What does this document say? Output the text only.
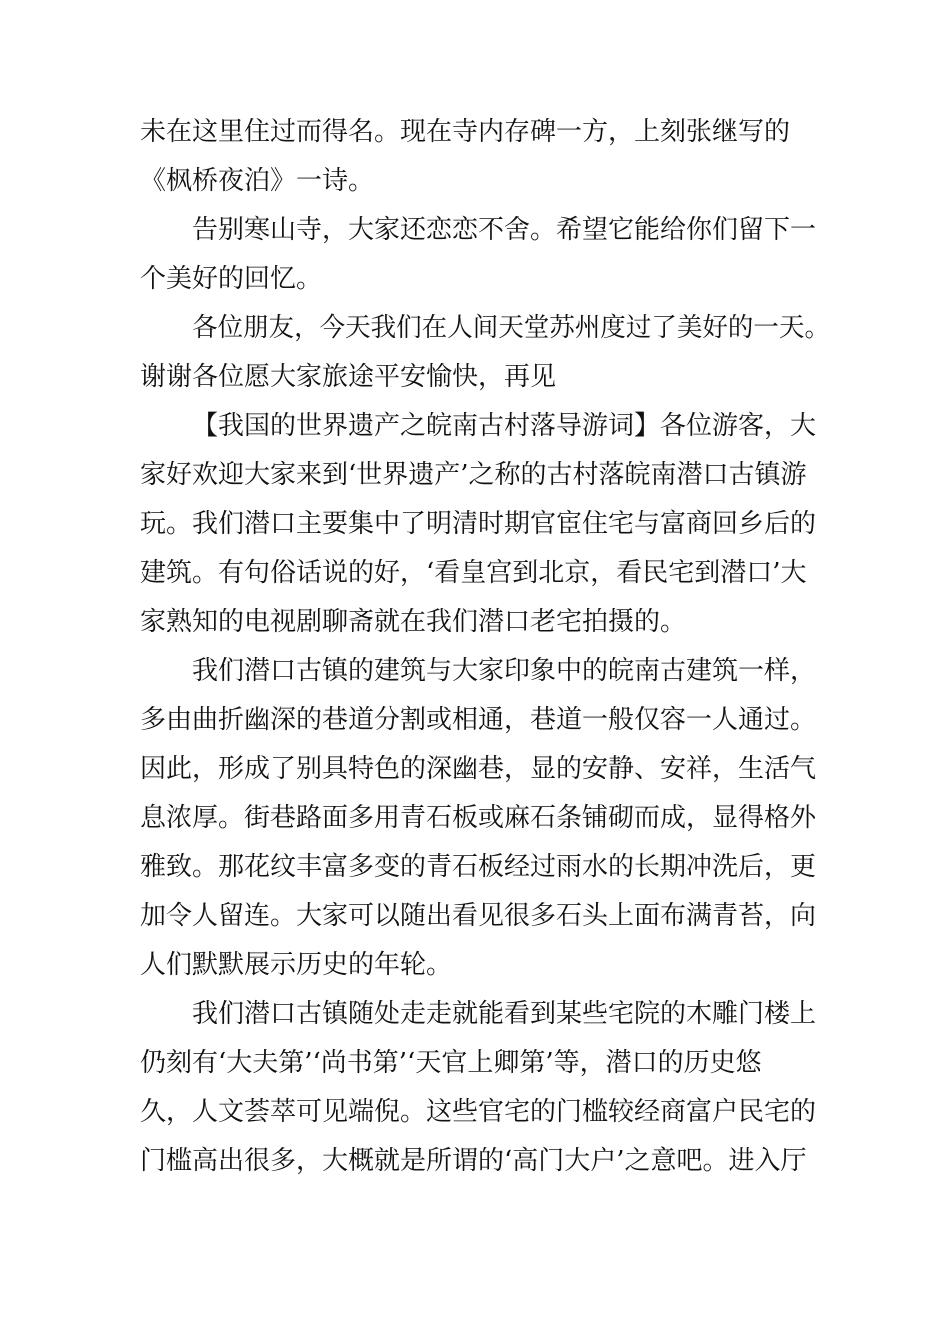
未在这里住过而得名。现在寺内存碑一方，上刻张继写的
《枫桥夜泊》一诗。
告别寒山寺，大家还恋恋不舍。希望它能给你们留下一
个美好的回忆。
各位朋友，今天我们在人间天堂苏州度过了美好的一天。
谢谢各位愿大家旅途平安愉快，再见
【我国的世界遗产之皖南古村落导游词】各位游客，大
家好欢迎大家来到‘世界遗产’之称的古村落皖南潜口古镇游
玩。我们潜口主要集中了明清时期官宦住宅与富商回乡后的
建筑。有句俗话说的好，‘看皇宫到北京，看民宅到潜口’大
家熟知的电视剧聊斋就在我们潜口老宅拍摄的。
我们潜口古镇的建筑与大家印象中的皖南古建筑一样，
多由曲折幽深的巷道分割或相通，巷道一般仅容一人通过。
因此，形成了别具特色的深幽巷，显的安静、安祥，生活气
息浓厚。街巷路面多用青石板或麻石条铺砌而成，显得格外
雅致。那花纹丰富多变的青石板经过雨水的长期冲洗后，更
加令人留连。大家可以随出看见很多石头上面布满青苔，向
人们默默展示历史的年轮。
我们潜口古镇随处走走就能看到某些宅院的木雕门楼上
仍刻有‘大夫第’‘尚书第’‘天官上卿第’等，潜口的历史悠
久，人文荟萃可见端倪。这些官宅的门槛较经商富户民宅的
门槛高出很多，大概就是所谓的‘高门大户’之意吧。进入厅
